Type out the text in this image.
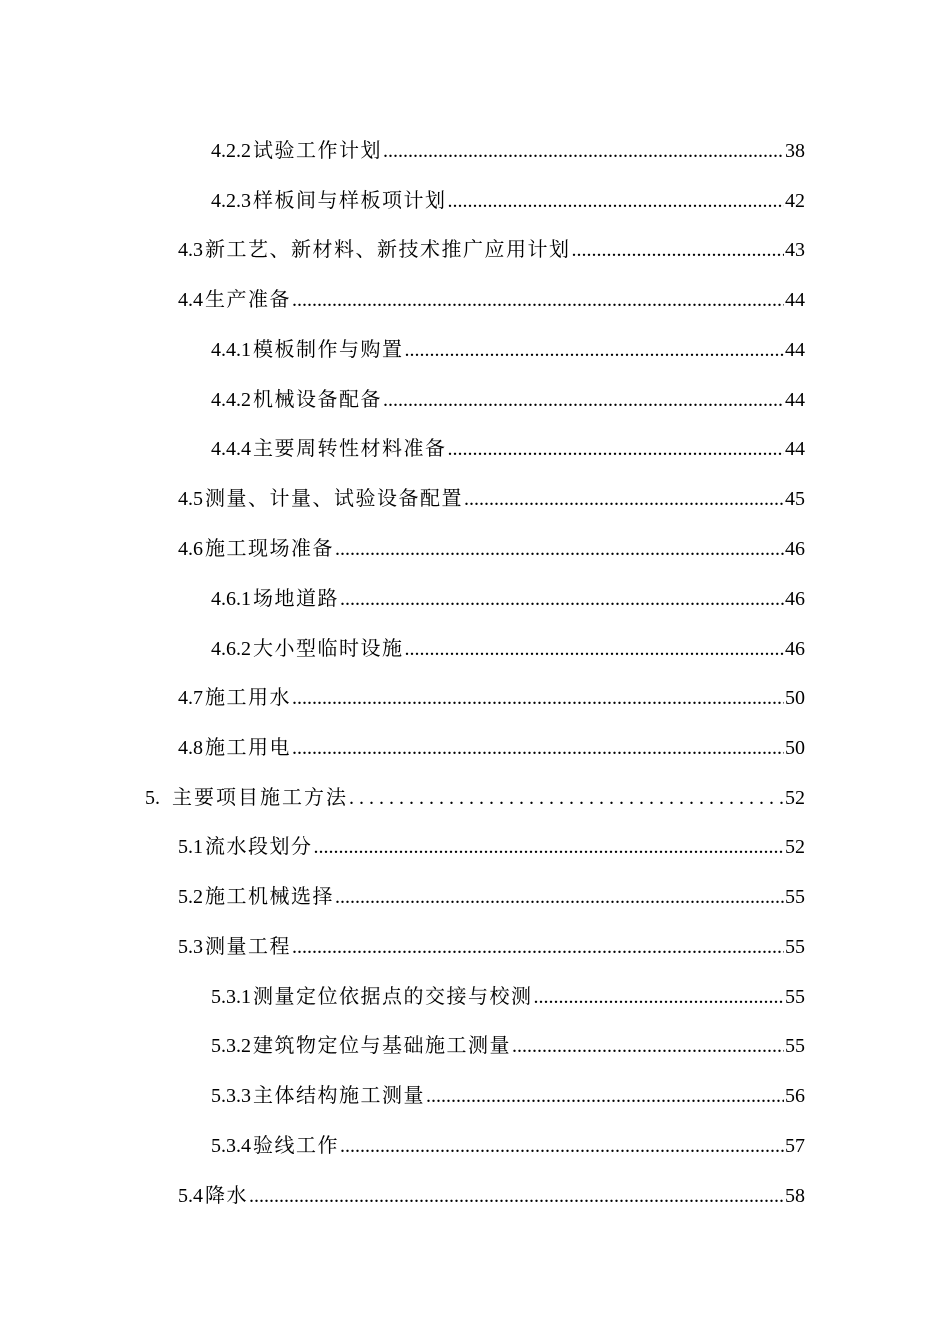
4.2.2 试验工作计划 .....	38
4.2.3 样板间与样板项计划 .....	42
4.3 新工艺、新材料、新技术推广应用计划 .....	43
4.4 生产准备 .....	44
4.4.1 模板制作与购置 .....	44
4.4.2 机械设备配备 .....	44
4.4.4 主要周转性材料准备 .....	44
4.5 测量、计量、试验设备配置 .....	45
4.6 施工现场准备 .....	46
4.6.1 场地道路 .....	46
4.6.2 大小型临时设施 .....	46
4.7 施工用水 .....	50
4.8 施工用电 .....	50
5. 主要项目施工方法 . . .	52
5.1 流水段划分 .....	52
5.2 施工机械选择 .....	55
5.3 测量工程 .....	55
5.3.1 测量定位依据点的交接与校测 .....	55
5.3.2 建筑物定位与基础施工测量 .....	55
5.3.3 主体结构施工测量 .....	56
5.3.4 验线工作 .....	57
5.4 降水 .....	58
